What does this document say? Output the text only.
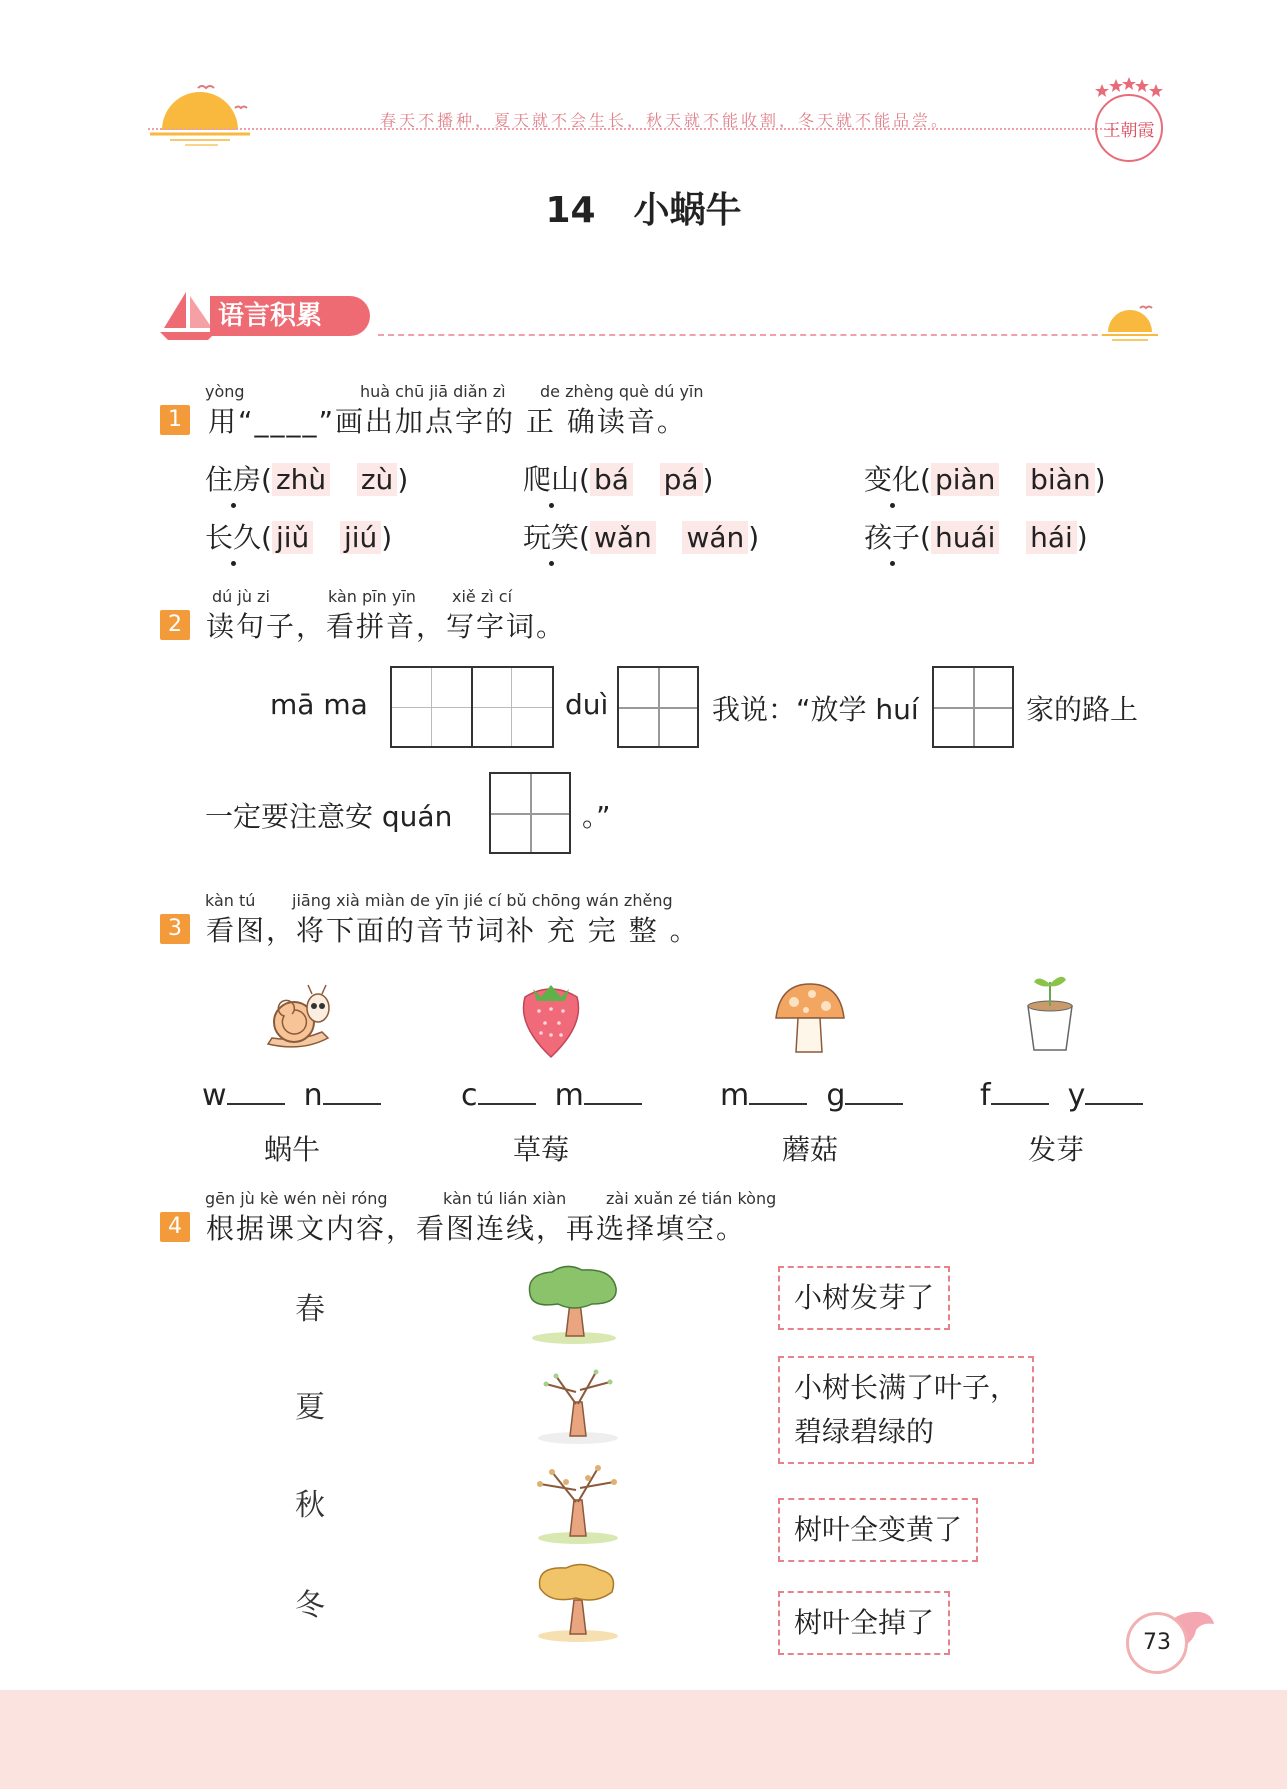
春天不播种，夏天就不会生长，秋天就不能收割，冬天就不能品尝。
王朝霞
14 小蜗牛
语言积累
yòng	huà chū jiā diǎn zì de zhèng què dú yīn
1 用“____”画出加点字的 正 确读音。
住房( zhù zù )	爬山( bá pá )	变化( piàn biàn )
长久( jiǔ jiú )	玩笑( wǎn wán )	孩子( huái hái )
dú jù zi	kàn pīn yīn xiě zì cí
2 读句子，看拼音，写字词。
mā ma	duì	我说：“放学 huí	家的路上
一定要注意安 quán	。”
kàn tú jiāng xià miàn de yīn jié cí bǔ chōng wán zhěng
3 看图，将下面的音节词补 充 完 整 。
w	n	c	m	m	g	f	y
蜗牛	草莓	蘑菇	发芽
gēn jù kè wén nèi róng	kàn tú lián xiàn zài xuǎn zé tián kòng
4 根据课文内容，看图连线，再选择填空。
春
夏
秋
冬
小树发芽了
小树长满了叶子，
碧绿碧绿的
树叶全变黄了
树叶全掉了
73
